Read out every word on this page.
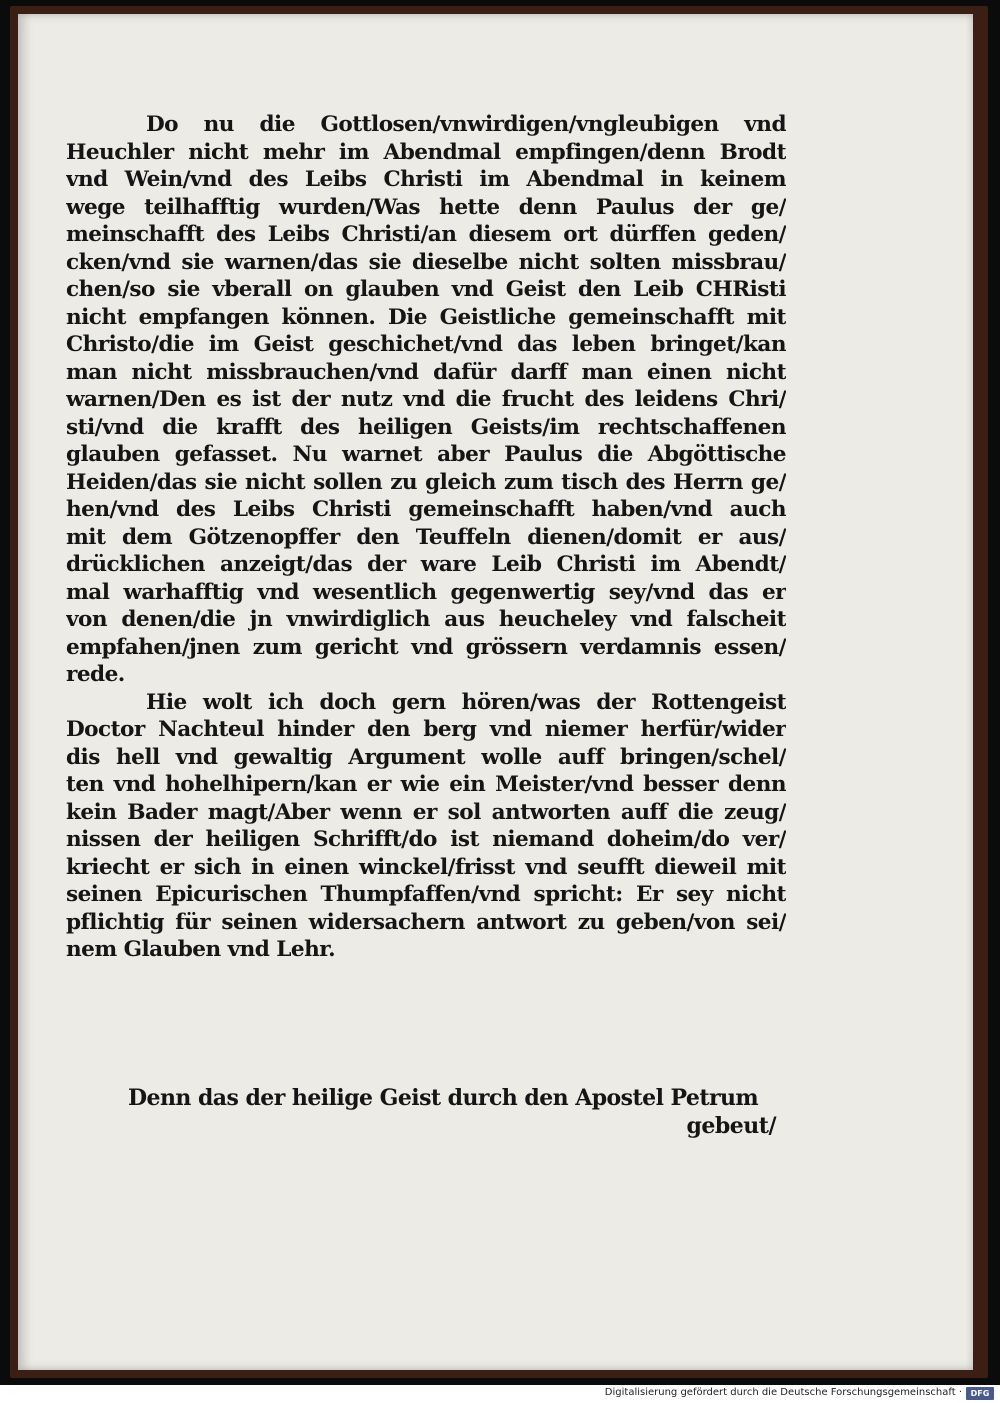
Do nu die Gottlosen/vnwirdigen/vngleubigen vnd
Heuchler nicht mehr im Abendmal empfingen/denn Brodt
vnd Wein/vnd des Leibs Christi im Abendmal in keinem
wege teilhafftig wurden/Was hette denn Paulus der ge/
meinschafft des Leibs Christi/an diesem ort dürffen geden/
cken/vnd sie warnen/das sie dieselbe nicht solten missbrau/
chen/so sie vberall on glauben vnd Geist den Leib CHRisti
nicht empfangen können. Die Geistliche gemeinschafft mit
Christo/die im Geist geschichet/vnd das leben bringet/kan
man nicht missbrauchen/vnd dafür darff man einen nicht
warnen/Den es ist der nutz vnd die frucht des leidens Chri/
sti/vnd die krafft des heiligen Geists/im rechtschaffenen
glauben gefasset. Nu warnet aber Paulus die Abgöttische
Heiden/das sie nicht sollen zu gleich zum tisch des Herrn ge/
hen/vnd des Leibs Christi gemeinschafft haben/vnd auch
mit dem Götzenopffer den Teuffeln dienen/domit er aus/
drücklichen anzeigt/das der ware Leib Christi im Abendt/
mal warhafftig vnd wesentlich gegenwertig sey/vnd das er
von denen/die jn vnwirdiglich aus heucheley vnd falscheit
empfahen/jnen zum gericht vnd grössern verdamnis essen/
rede.
Hie wolt ich doch gern hören/was der Rottengeist
Doctor Nachteul hinder den berg vnd niemer herfür/wider
dis hell vnd gewaltig Argument wolle auff bringen/schel/
ten vnd hohelhipern/kan er wie ein Meister/vnd besser denn
kein Bader magt/Aber wenn er sol antworten auff die zeug/
nissen der heiligen Schrifft/do ist niemand doheim/do ver/
kriecht er sich in einen winckel/frisst vnd seufft dieweil mit
seinen Epicurischen Thumpfaffen/vnd spricht: Er sey nicht
pflichtig für seinen widersachern antwort zu geben/von sei/
nem Glauben vnd Lehr.
Denn das der heilige Geist durch den Apostel Petrum
gebeut/
Digitalisierung gefördert durch die Deutsche Forschungsgemeinschaft ·	DFG
